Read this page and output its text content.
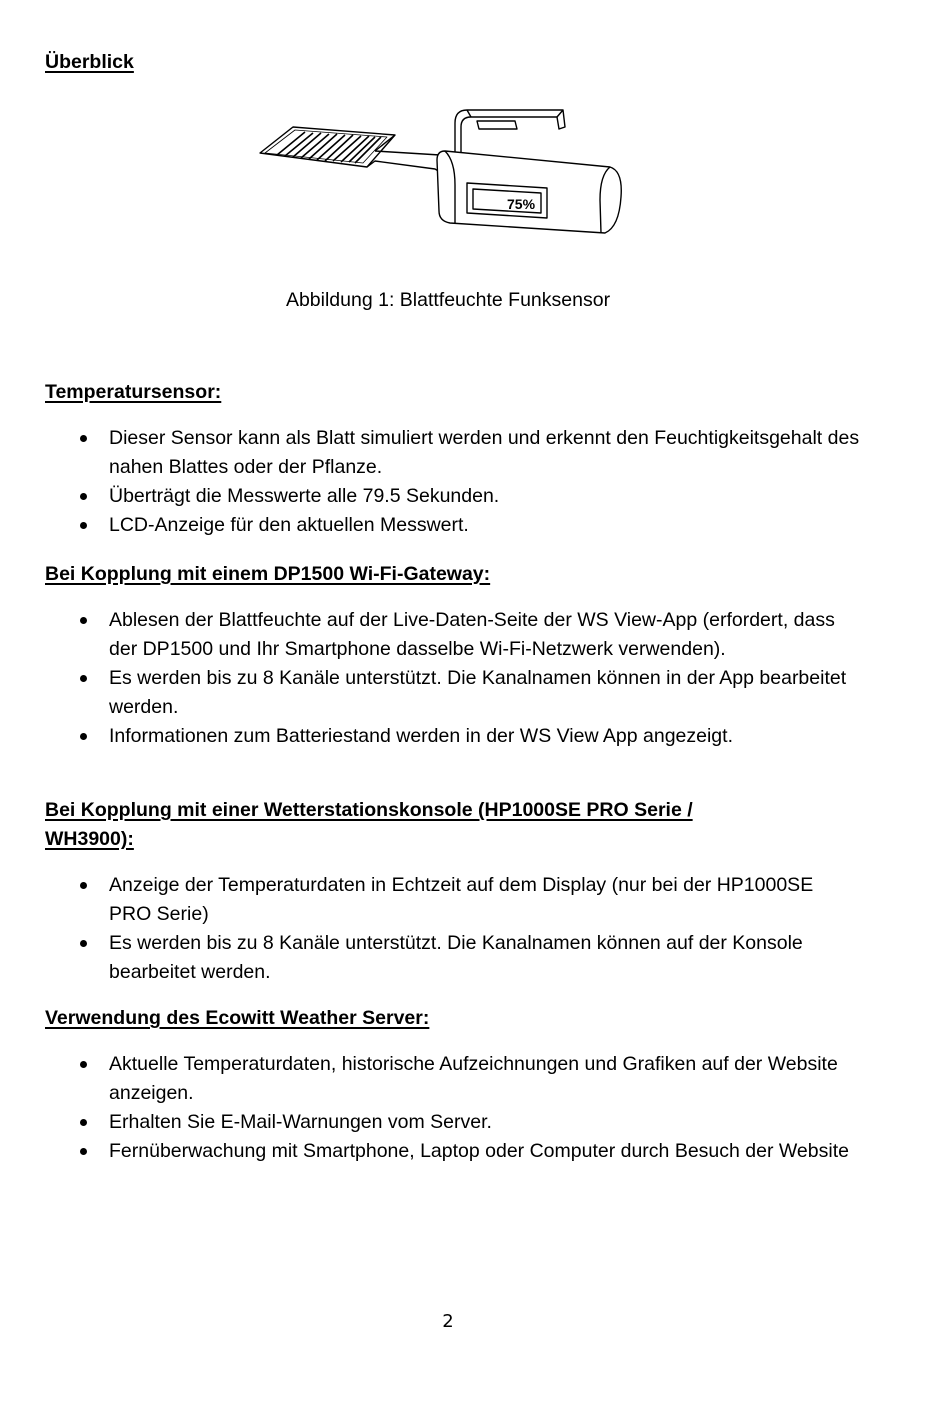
Überblick
75%
Abbildung 1: Blattfeuchte Funksensor
Temperatursensor:
Dieser Sensor kann als Blatt simuliert werden und erkennt den Feuchtigkeitsgehalt des nahen Blattes oder der Pflanze.
Überträgt die Messwerte alle 79.5 Sekunden.
LCD-Anzeige für den aktuellen Messwert.
Bei Kopplung mit einem DP1500 Wi-Fi-Gateway:
Ablesen der Blattfeuchte auf der Live-Daten-Seite der WS View-App (erfordert, dass der DP1500 und Ihr Smartphone dasselbe Wi-Fi-Netzwerk verwenden).
Es werden bis zu 8 Kanäle unterstützt. Die Kanalnamen können in der App bearbeitet werden.
Informationen zum Batteriestand werden in der WS View App angezeigt.
Bei Kopplung mit einer Wetterstationskonsole (HP1000SE PRO Serie /
WH3900):
Anzeige der Temperaturdaten in Echtzeit auf dem Display (nur bei der HP1000SE PRO Serie)
Es werden bis zu 8 Kanäle unterstützt. Die Kanalnamen können auf der Konsole bearbeitet werden.
Verwendung des Ecowitt Weather Server:
Aktuelle Temperaturdaten, historische Aufzeichnungen und Grafiken auf der Website anzeigen.
Erhalten Sie E-Mail-Warnungen vom Server.
Fernüberwachung mit Smartphone, Laptop oder Computer durch Besuch der Website
2
